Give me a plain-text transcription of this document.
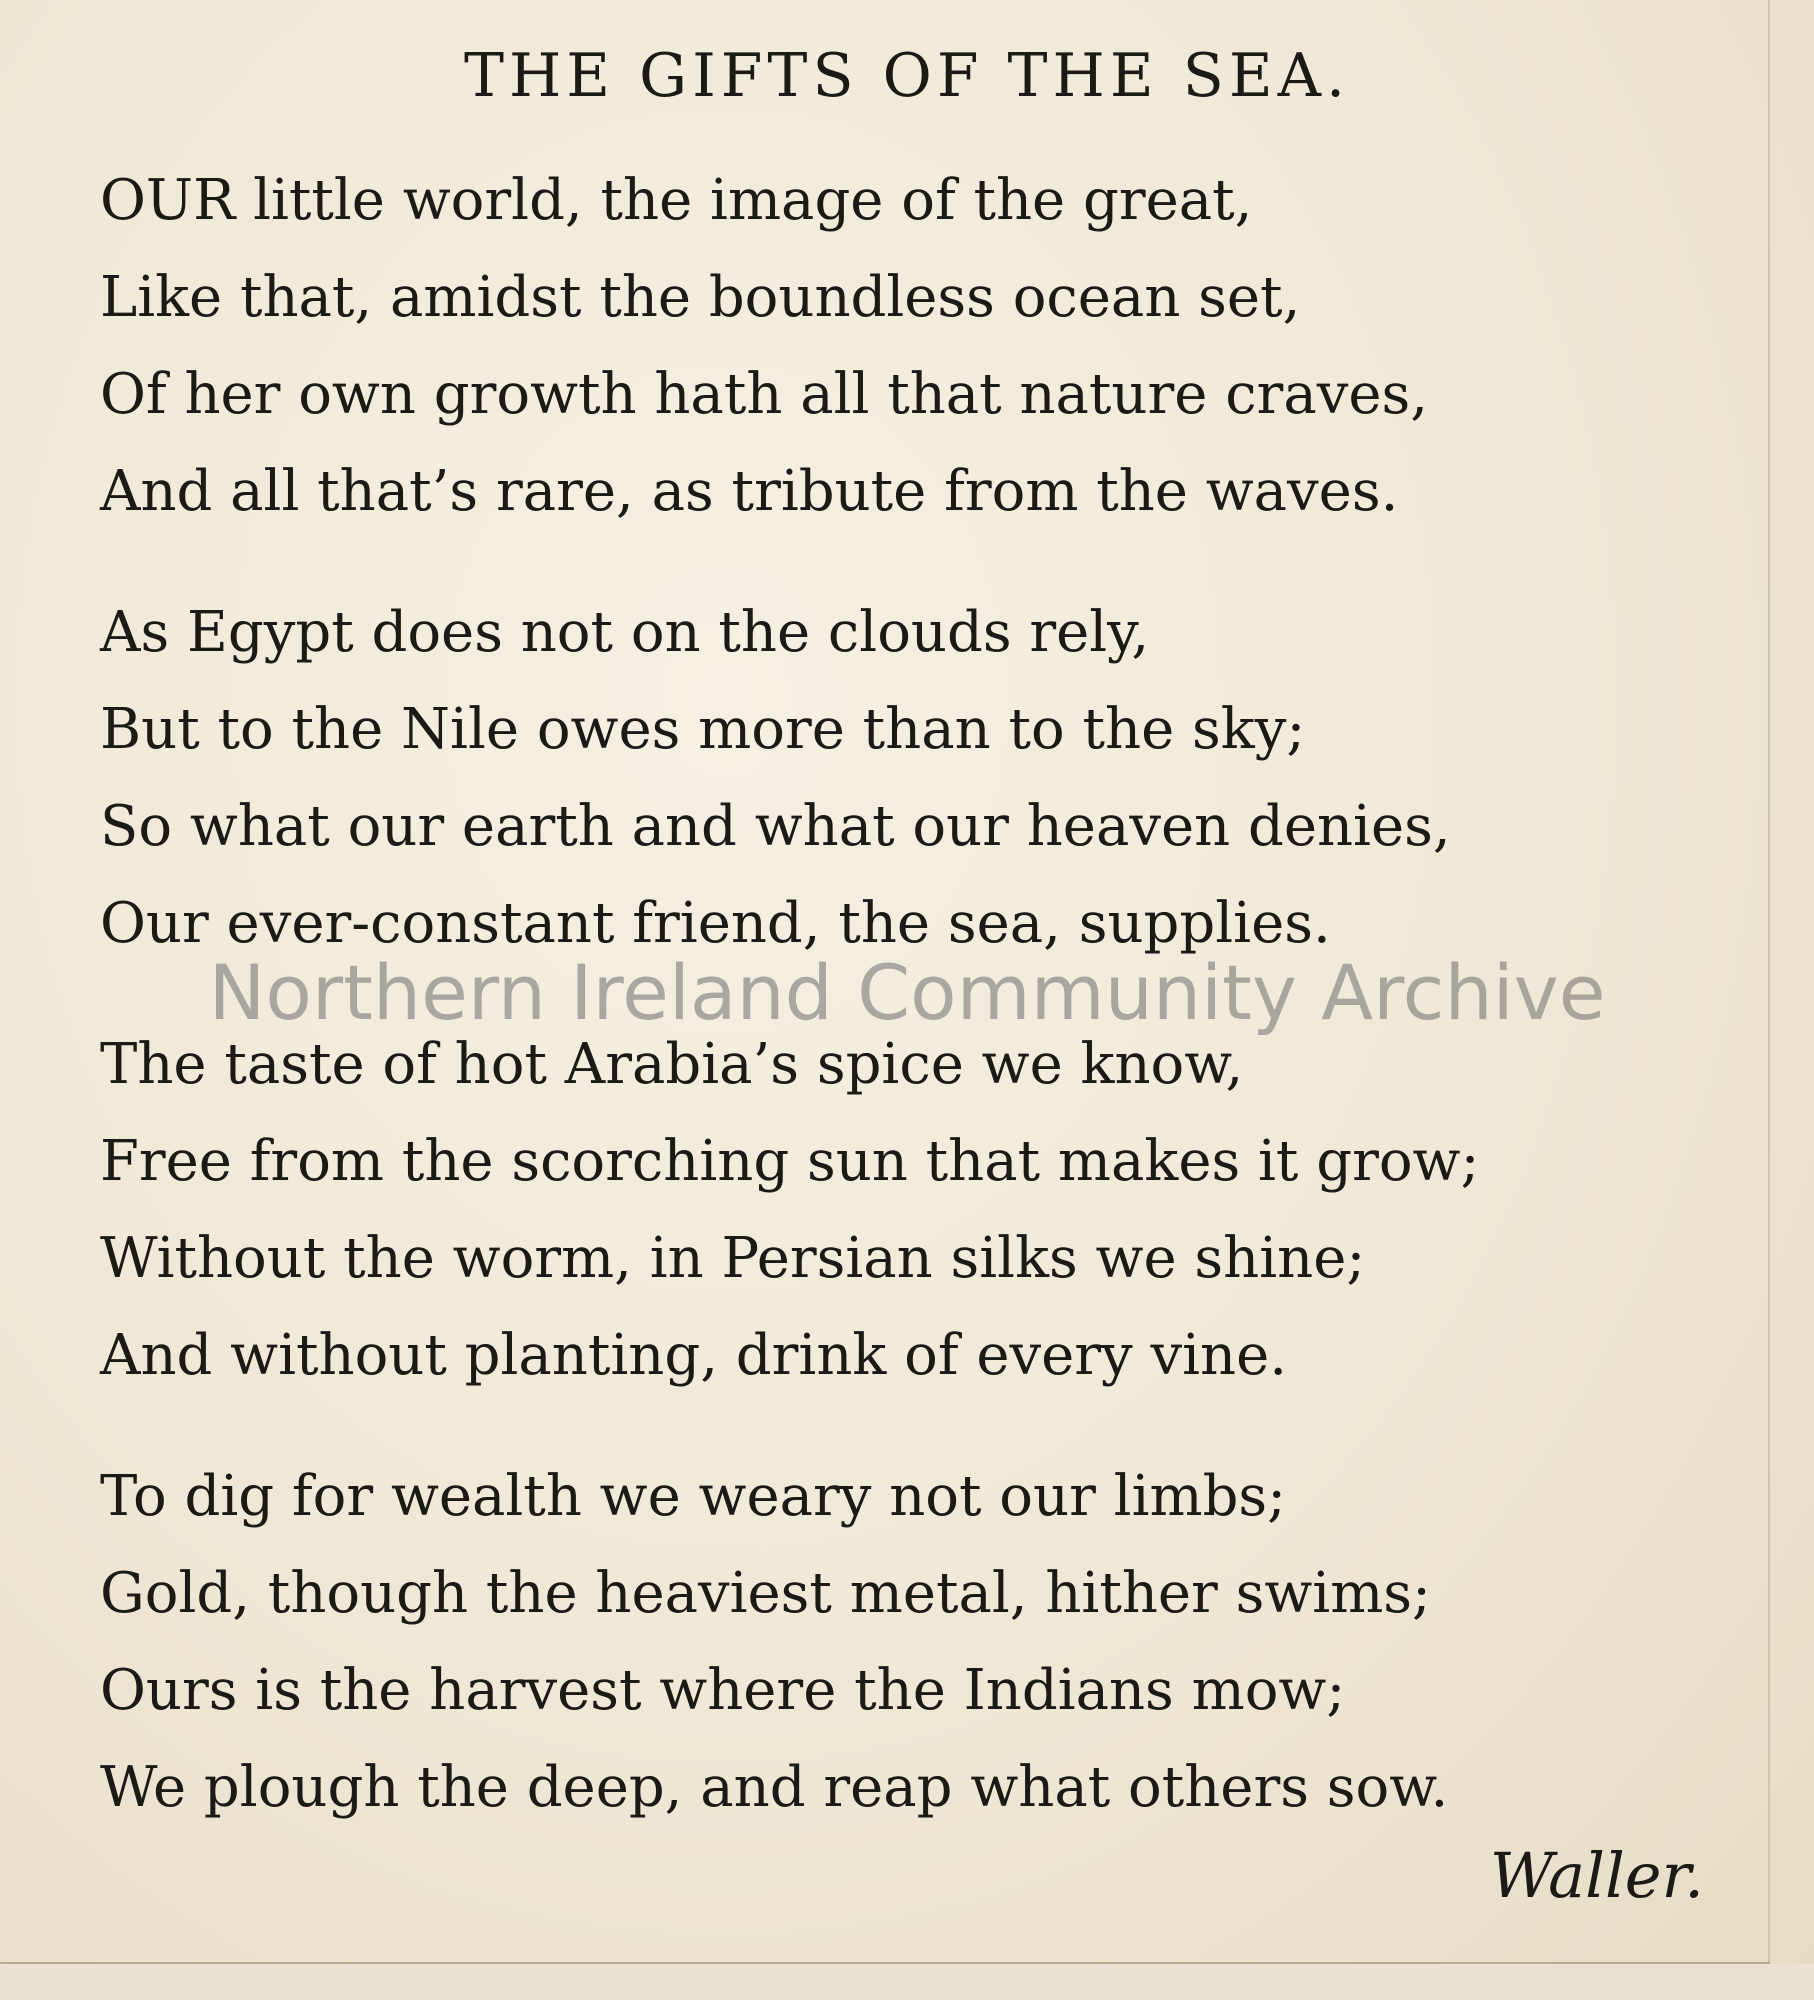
THE GIFTS OF THE SEA.
OUR little world, the image of the great,
Like that, amidst the boundless ocean set,
Of her own growth hath all that nature craves,
And all that’s rare, as tribute from the waves.
As Egypt does not on the clouds rely,
But to the Nile owes more than to the sky;
So what our earth and what our heaven denies,
Our ever-constant friend, the sea, supplies.
The taste of hot Arabia’s spice we know,
Free from the scorching sun that makes it grow;
Without the worm, in Persian silks we shine;
And without planting, drink of every vine.
To dig for wealth we weary not our limbs;
Gold, though the heaviest metal, hither swims;
Ours is the harvest where the Indians mow;
We plough the deep, and reap what others sow.
Waller.
Northern Ireland Community Archive
